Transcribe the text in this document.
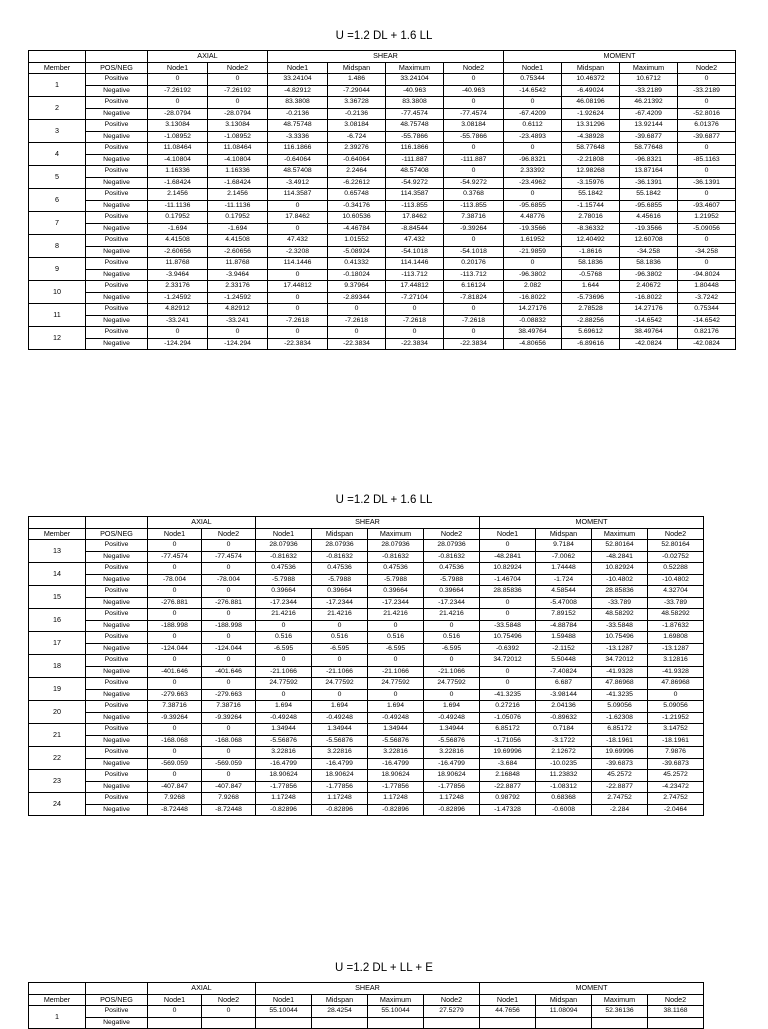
U =1.2 DL + 1.6 LL
		AXIAL		SHEAR				MOMENT			
Member	POS/NEG	Node1	Node2	Node1	Midspan	Maximum	Node2	Node1	Midspan	Maximum	Node2
1	Positive	0	0	33.24104	1.486	33.24104	0	0.75344	10.46372	10.6712	0
	Negative	-7.26192	-7.26192	-4.82912	-7.29044	-40.963	-40.963	-14.6542	-6.49024	-33.2189	-33.2189
2	Positive	0	0	83.3808	3.36728	83.3808	0	0	46.08196	46.21392	0
	Negative	-28.0794	-28.0794	-0.2136	-0.2136	-77.4574	-77.4574	-67.4209	-1.92624	-67.4209	-52.8016
3	Positive	3.13084	3.13084	48.75748	3.08184	48.75748	3.08184	0.6112	13.31296	13.92144	6.01376
	Negative	-1.08952	-1.08952	-3.3336	-6.724	-55.7866	-55.7866	-23.4893	-4.38928	-39.6877	-39.6877
4	Positive	11.08464	11.08464	116.1866	2.39276	116.1866	0	0	58.77648	58.77648	0
	Negative	-4.10804	-4.10804	-0.64064	-0.64064	-111.887	-111.887	-96.8321	-2.21808	-96.8321	-85.1163
5	Positive	1.16336	1.16336	48.57408	2.2464	48.57408	0	2.33392	12.98268	13.87164	0
	Negative	-1.68424	-1.68424	-3.4912	-6.22612	-54.9272	-54.9272	-23.4962	-3.15976	-36.1391	-36.1391
6	Positive	2.1456	2.1456	114.3587	0.65748	114.3587	0.3768	0	55.1842	55.1842	0
	Negative	-11.1136	-11.1136	0	-0.34176	-113.855	-113.855	-95.6855	-1.15744	-95.6855	-93.4607
7	Positive	0.17952	0.17952	17.8462	10.60536	17.8462	7.38716	4.48776	2.78016	4.45616	1.21952
	Negative	-1.694	-1.694	0	-4.46784	-8.84544	-9.39264	-19.3566	-8.36332	-19.3566	-5.09056
8	Positive	4.41508	4.41508	47.432	1.01552	47.432	0	1.61952	12.40492	12.60708	0
	Negative	-2.60656	-2.60656	-2.3208	-5.08924	-54.1018	-54.1018	-21.9859	-1.8616	-34.258	-34.258
9	Positive	11.8768	11.8768	114.1446	0.41332	114.1446	0.20176	0	58.1836	58.1836	0
	Negative	-3.9464	-3.9464	0	-0.18024	-113.712	-113.712	-96.3802	-0.5768	-96.3802	-94.8024
10	Positive	2.33176	2.33176	17.44812	9.37964	17.44812	6.16124	2.082	1.644	2.40672	1.80448
	Negative	-1.24592	-1.24592	0	-2.89344	-7.27104	-7.81824	-16.8022	-5.73696	-16.8022	-3.7242
11	Positive	4.82912	4.82912	0	0	0	0	14.27176	2.78528	14.27176	0.75344
	Negative	-33.241	-33.241	-7.2618	-7.2618	-7.2618	-7.2618	-0.08832	-2.88256	-14.6542	-14.6542
12	Positive	0	0	0	0	0	0	38.49764	5.69612	38.49764	0.82176
	Negative	-124.294	-124.294	-22.3834	-22.3834	-22.3834	-22.3834	-4.80656	-6.89616	-42.0824	-42.0824
U =1.2 DL + 1.6 LL
		AXIAL		SHEAR				MOMENT			
Member	POS/NEG	Node1	Node2	Node1	Midspan	Maximum	Node2	Node1	Midspan	Maximum	Node2
13	Positive	0	0	28.07936	28.07936	28.07936	28.07936	0	9.7184	52.80164	52.80164
	Negative	-77.4574	-77.4574	-0.81632	-0.81632	-0.81632	-0.81632	-48.2841	-7.0062	-48.2841	-0.02752
14	Positive	0	0	0.47536	0.47536	0.47536	0.47536	10.82924	1.74448	10.82924	0.52288
	Negative	-78.004	-78.004	-5.7988	-5.7988	-5.7988	-5.7988	-1.46704	-1.724	-10.4802	-10.4802
15	Positive	0	0	0.39664	0.39664	0.39664	0.39664	28.85836	4.58544	28.85836	4.32704
	Negative	-276.881	-276.881	-17.2344	-17.2344	-17.2344	-17.2344	0	-5.47008	-33.789	-33.789
16	Positive	0	0	21.4216	21.4216	21.4216	21.4216	0	7.89152	48.58292	48.58292
	Negative	-188.998	-188.998	0	0	0	0	-33.5848	-4.88784	-33.5848	-1.87632
17	Positive	0	0	0.516	0.516	0.516	0.516	10.75496	1.59488	10.75496	1.69808
	Negative	-124.044	-124.044	-6.595	-6.595	-6.595	-6.595	-0.6392	-2.1152	-13.1287	-13.1287
18	Positive	0	0	0	0	0	0	34.72012	5.50448	34.72012	3.12816
	Negative	-401.646	-401.646	-21.1066	-21.1066	-21.1066	-21.1066	0	-7.40824	-41.9328	-41.9328
19	Positive	0	0	24.77592	24.77592	24.77592	24.77592	0	6.687	47.86968	47.86968
	Negative	-279.663	-279.663	0	0	0	0	-41.3235	-3.98144	-41.3235	0
20	Positive	7.38716	7.38716	1.694	1.694	1.694	1.694	0.27216	2.04136	5.09056	5.09056
	Negative	-9.39264	-9.39264	-0.49248	-0.49248	-0.49248	-0.49248	-1.05076	-0.89632	-1.62308	-1.21952
21	Positive	0	0	1.34944	1.34944	1.34944	1.34944	6.85172	0.7184	6.85172	3.14752
	Negative	-168.068	-168.068	-5.56876	-5.56876	-5.56876	-5.56876	-1.71056	-3.1722	-18.1961	-18.1961
22	Positive	0	0	3.22816	3.22816	3.22816	3.22816	19.69996	2.12672	19.69996	7.9876
	Negative	-569.059	-569.059	-16.4799	-16.4799	-16.4799	-16.4799	-3.684	-10.0235	-39.6873	-39.6873
23	Positive	0	0	18.90624	18.90624	18.90624	18.90624	2.16848	11.23832	45.2572	45.2572
	Negative	-407.847	-407.847	-1.77856	-1.77856	-1.77856	-1.77856	-22.8877	-1.08312	-22.8877	-4.23472
24	Positive	7.9268	7.9268	1.17248	1.17248	1.17248	1.17248	0.98792	0.68368	2.74752	2.74752
	Negative	-8.72448	-8.72448	-0.82896	-0.82896	-0.82896	-0.82896	-1.47328	-0.6008	-2.284	-2.0464
U =1.2 DL + LL + E
		AXIAL		SHEAR				MOMENT			
Member	POS/NEG	Node1	Node2	Node1	Midspan	Maximum	Node2	Node1	Midspan	Maximum	Node2
1	Positive	0	0	55.10044	28.4254	55.10044	27.5279	44.7656	11.08094	52.36136	38.1168
	Negative										
